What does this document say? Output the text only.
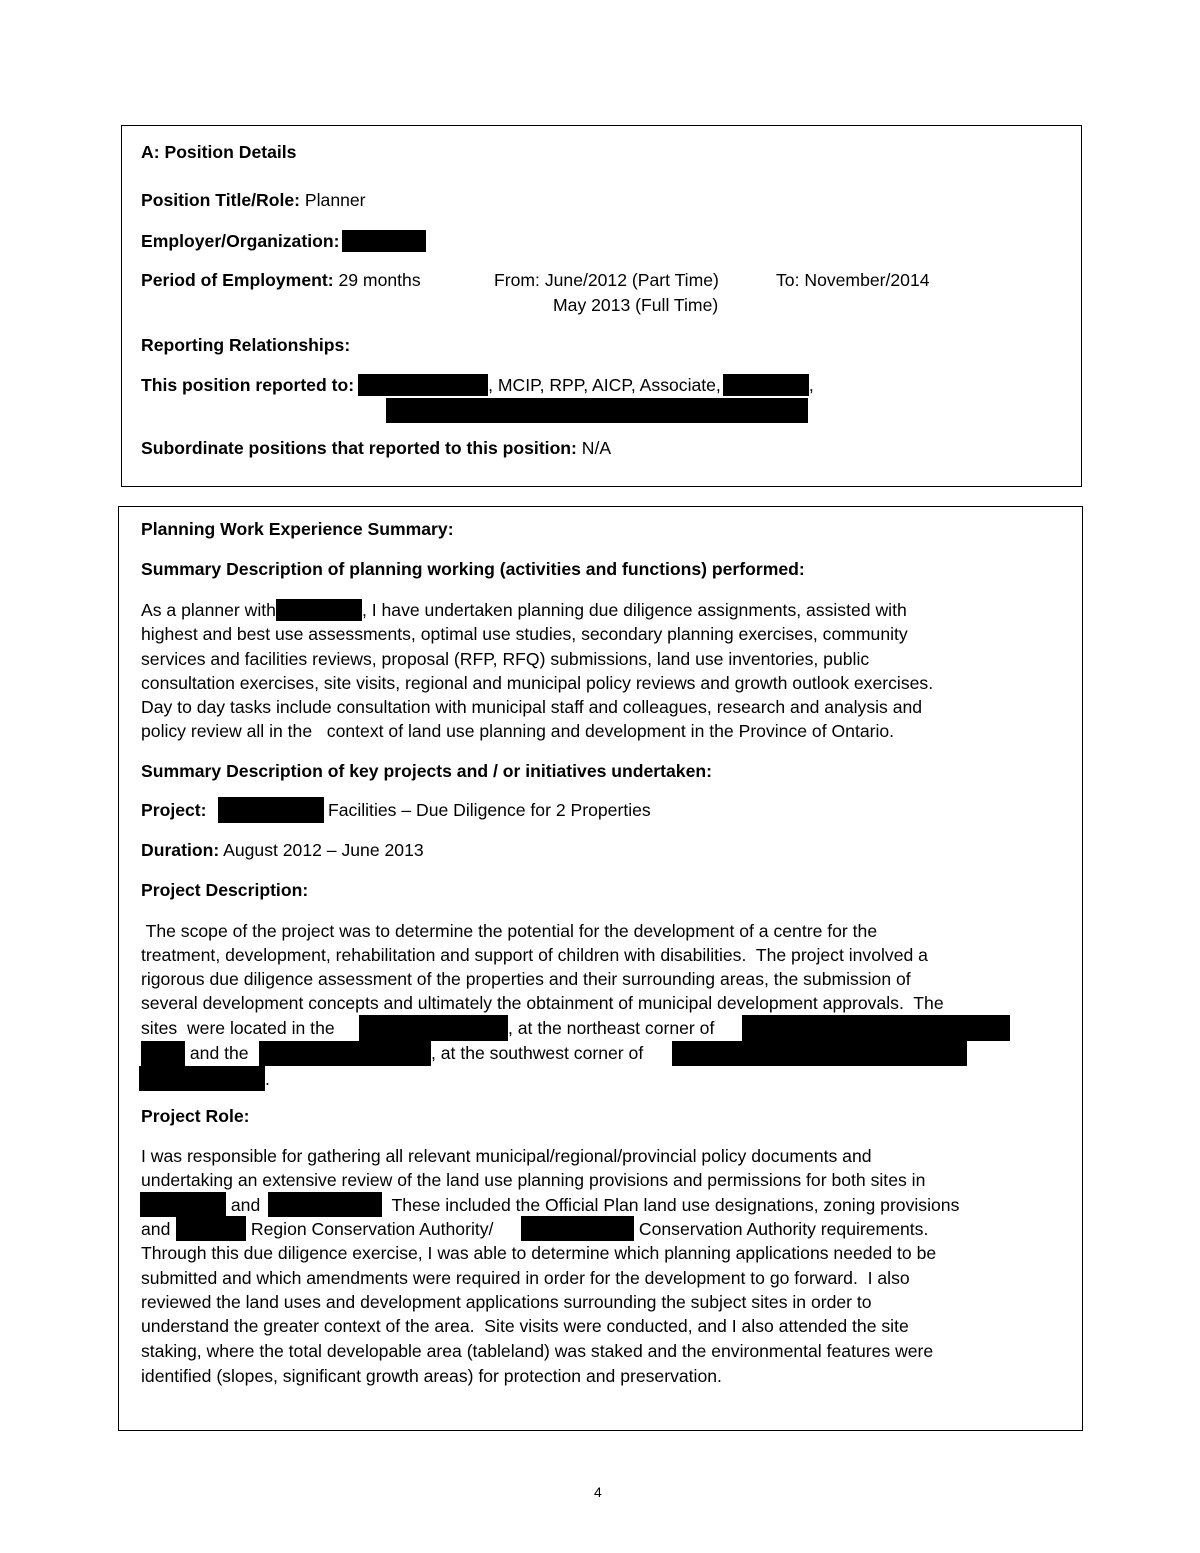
A: Position Details
Position Title/Role: Planner
Employer/Organization:
Period of Employment: 29 months	From: June/2012 (Part Time)	To: November/2014
May 2013 (Full Time)
Reporting Relationships:
This position reported to:	, MCIP, RPP, AICP, Associate,	,
Subordinate positions that reported to this position: N/A
Planning Work Experience Summary:
Summary Description of planning working (activities and functions) performed:
As a planner with	, I have undertaken planning due diligence assignments, assisted with
highest and best use assessments, optimal use studies, secondary planning exercises, community
services and facilities reviews, proposal (RFP, RFQ) submissions, land use inventories, public
consultation exercises, site visits, regional and municipal policy reviews and growth outlook exercises.
Day to day tasks include consultation with municipal staff and colleagues, research and analysis and
policy review all in the   context of land use planning and development in the Province of Ontario.
Summary Description of key projects and / or initiatives undertaken:
Project:	Facilities – Due Diligence for 2 Properties
Duration: August 2012 – June 2013
Project Description:
The scope of the project was to determine the potential for the development of a centre for the
treatment, development, rehabilitation and support of children with disabilities.  The project involved a
rigorous due diligence assessment of the properties and their surrounding areas, the submission of
several development concepts and ultimately the obtainment of municipal development approvals.  The
sites  were located in the	, at the northeast corner of
and the	, at the southwest corner of
.
Project Role:
I was responsible for gathering all relevant municipal/regional/provincial policy documents and
undertaking an extensive review of the land use planning provisions and permissions for both sites in
and	These included the Official Plan land use designations, zoning provisions
and	Region Conservation Authority/	Conservation Authority requirements.
Through this due diligence exercise, I was able to determine which planning applications needed to be
submitted and which amendments were required in order for the development to go forward.  I also
reviewed the land uses and development applications surrounding the subject sites in order to
understand the greater context of the area.  Site visits were conducted, and I also attended the site
staking, where the total developable area (tableland) was staked and the environmental features were
identified (slopes, significant growth areas) for protection and preservation.
4
